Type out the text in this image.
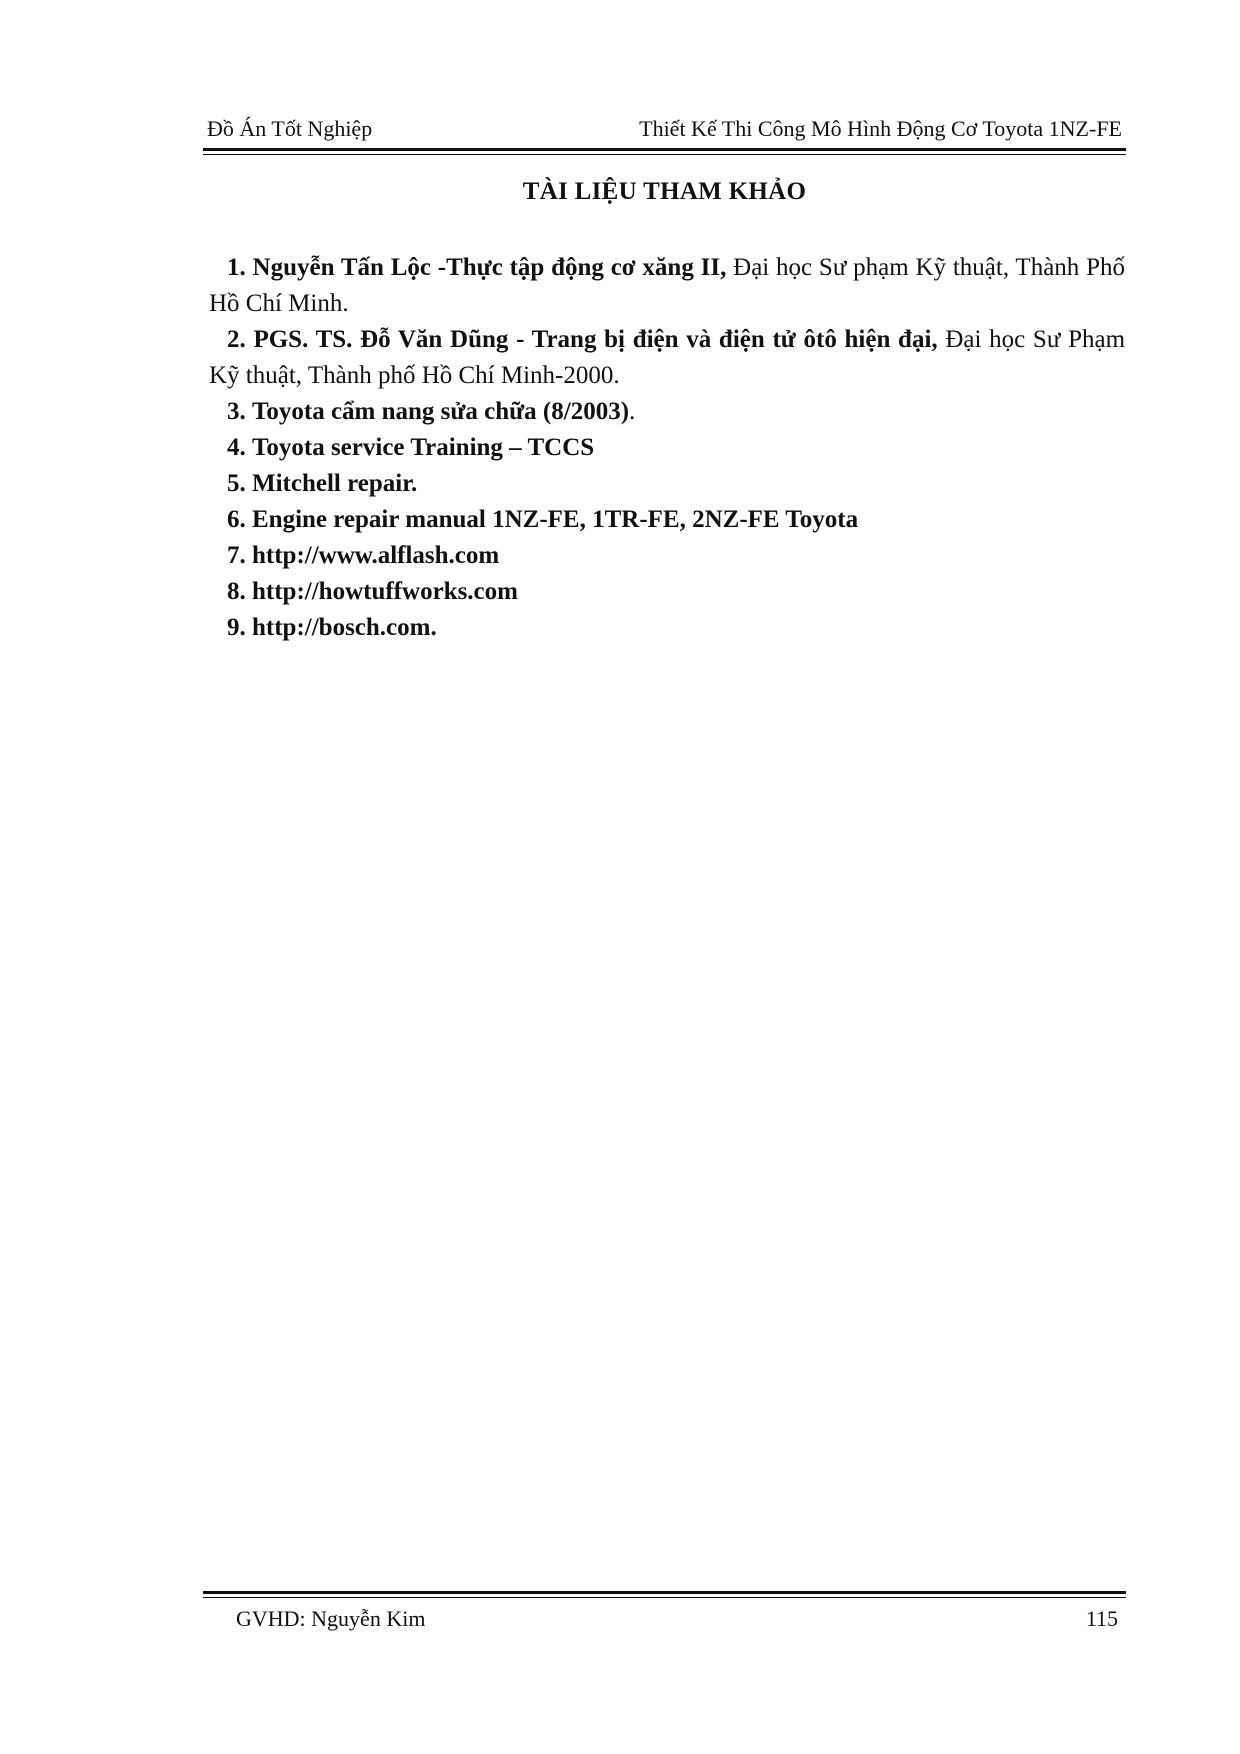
Đồ Án Tốt Nghiệp	Thiết Kế Thi Công Mô Hình Động Cơ Toyota 1NZ-FE
TÀI LIỆU THAM KHẢO

1. Nguyễn Tấn Lộc -Thực tập động cơ xăng II, Đại học Sư phạm Kỹ thuật, Thành Phố Hồ Chí Minh.

2. PGS. TS. Đỗ Văn Dũng - Trang bị điện và điện tử ôtô hiện đại, Đại học Sư Phạm Kỹ thuật, Thành phố Hồ Chí Minh-2000.

3. Toyota cẩm nang sửa chữa (8/2003).

4. Toyota service Training – TCCS

5. Mitchell repair.

6. Engine repair manual 1NZ-FE, 1TR-FE, 2NZ-FE Toyota

7. http://www.alflash.com

8. http://howtuffworks.com

9. http://bosch.com.

GVHD: Nguyễn Kim	115
